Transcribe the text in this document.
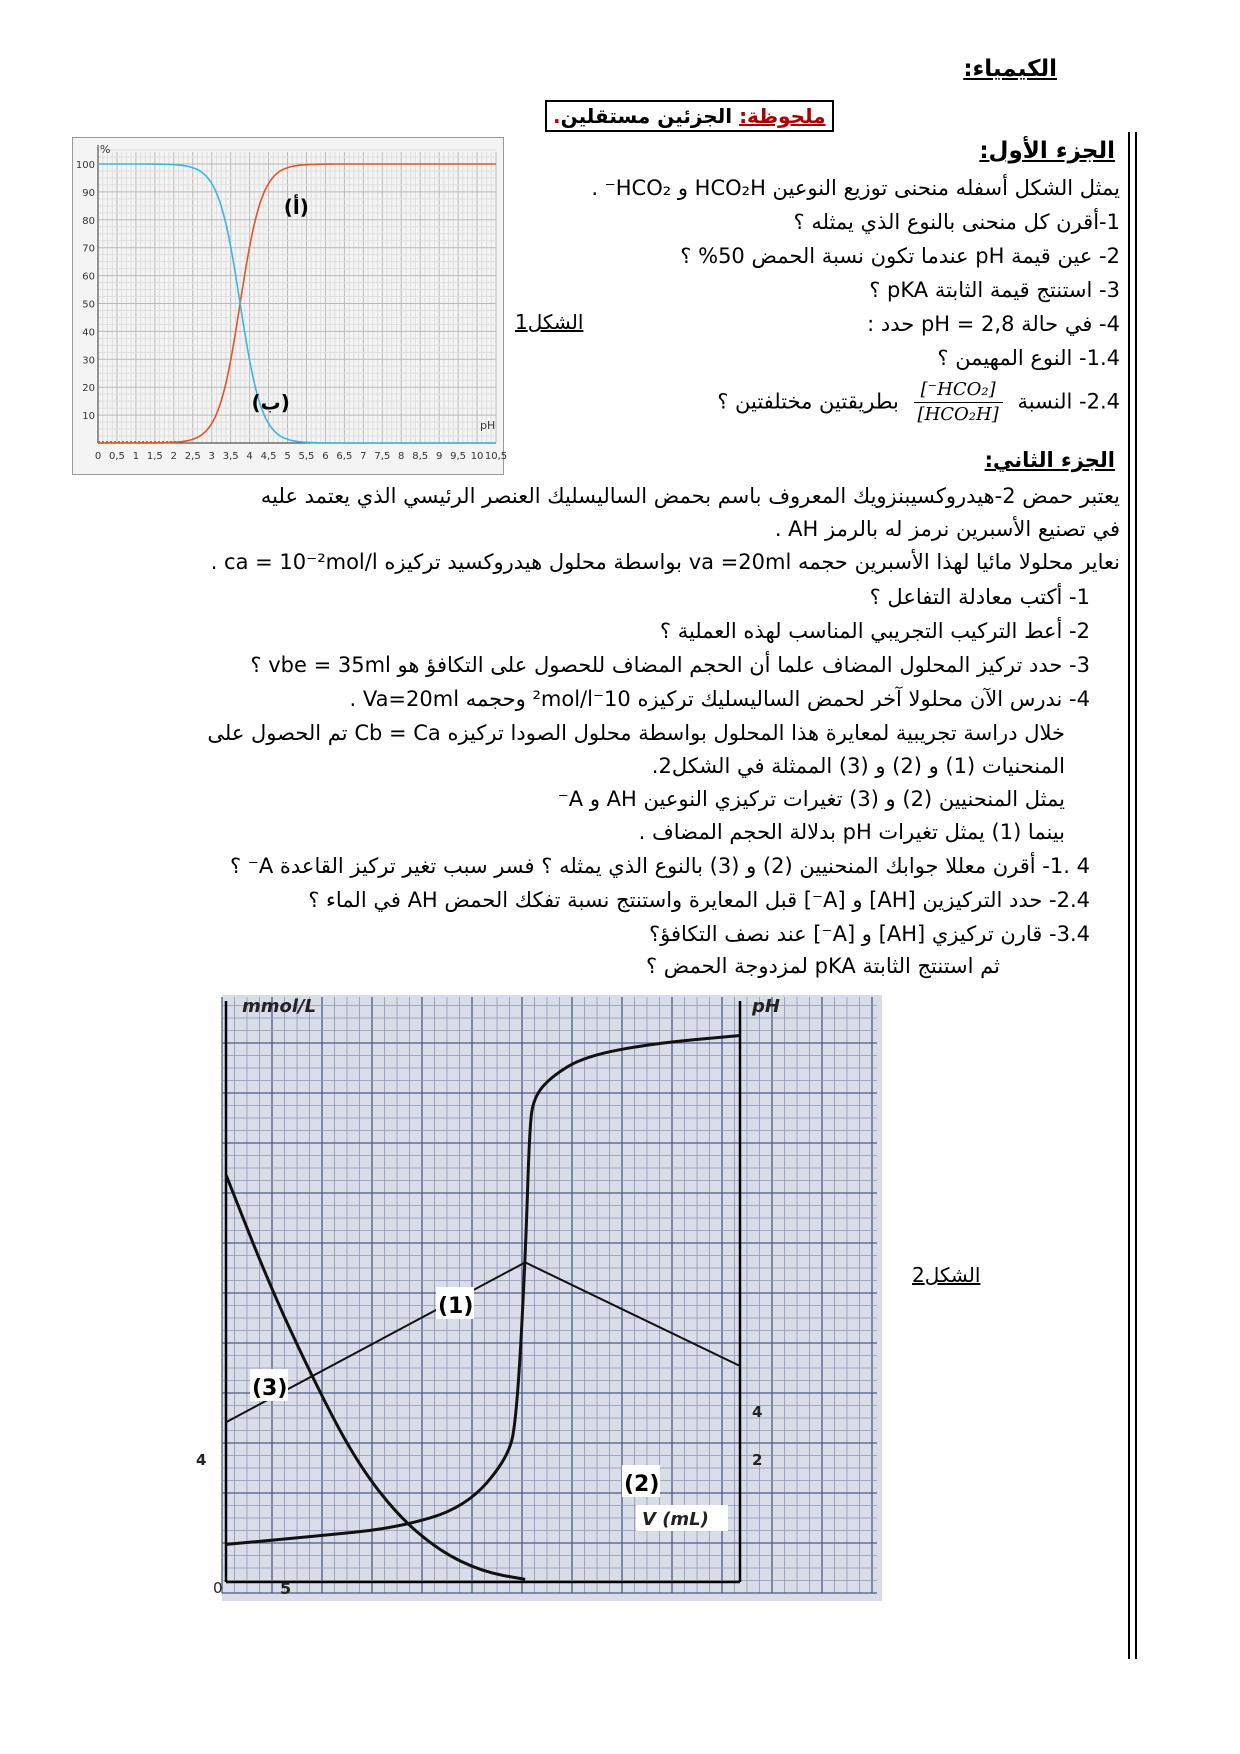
الكيمياء:
ملحوظة: الجزئين مستقلين.
%
pH
10
20
30
40
50
60
70
80
90
100
0 0,5 1 1,5 2 2,5 3 3,5 4 4,5 5 5,5 6 6,5 7 7,5 8 8,5 9 9,5 10 10,5
(أ)
(ب)
الشكل1
الجزء الأول:
يمثل الشكل أسفله منحنى توزيع النوعين HCO₂H و HCO₂⁻ .
1-أقرن كل منحنى بالنوع الذي يمثله ؟
2- عين قيمة pH عندما تكون نسبة الحمض 50% ؟
3- استنتج قيمة الثابتة pKA ؟
4- في حالة pH = 2,8 حدد :
1.4- النوع المهيمن ؟
2.4- النسبة
[HCO₂⁻]
[HCO₂H]
بطريقتين مختلفتين ؟
الجزء الثاني:
يعتبر حمض 2-هيدروكسيبنزويك المعروف باسم بحمض الساليسليك العنصر الرئيسي الذي يعتمد عليه
في تصنيع الأسبرين نرمز له بالرمز AH .
نعاير محلولا مائيا لهذا الأسبرين حجمه va =20ml بواسطة محلول هيدروكسيد تركيزه ca = 10⁻²mol/l .
1- أكتب معادلة التفاعل ؟
2- أعط التركيب التجريبي المناسب لهذه العملية ؟
3- حدد تركيز المحلول المضاف علما أن الحجم المضاف للحصول على التكافؤ هو vbe = 35ml ؟
4- ندرس الآن محلولا آخر لحمض الساليسليك تركيزه 10⁻²mol/l وحجمه Va=20ml .
خلال دراسة تجريبية لمعايرة هذا المحلول بواسطة محلول الصودا تركيزه Cb = Ca تم الحصول على
المنحنيات (1) و (2) و (3) الممثلة في الشكل2.
يمثل المنحنيين (2) و (3) تغيرات تركيزي النوعين AH و A⁻
بينما (1) يمثل تغيرات pH بدلالة الحجم المضاف .
4 .1- أقرن معللا جوابك المنحنيين (2) و (3) بالنوع الذي يمثله ؟ فسر سبب تغير تركيز القاعدة A⁻ ؟
2.4- حدد التركيزين [AH] و [A⁻] قبل المعايرة واستنتج نسبة تفكك الحمض AH في الماء ؟
3.4- قارن تركيزي [AH] و [A⁻] عند نصف التكافؤ؟
ثم استنتج الثابتة pKA لمزدوجة الحمض ؟
mmol/L	pH
V (mL)
0	5
4	2
4
(1)
(3)
(2)
الشكل2
